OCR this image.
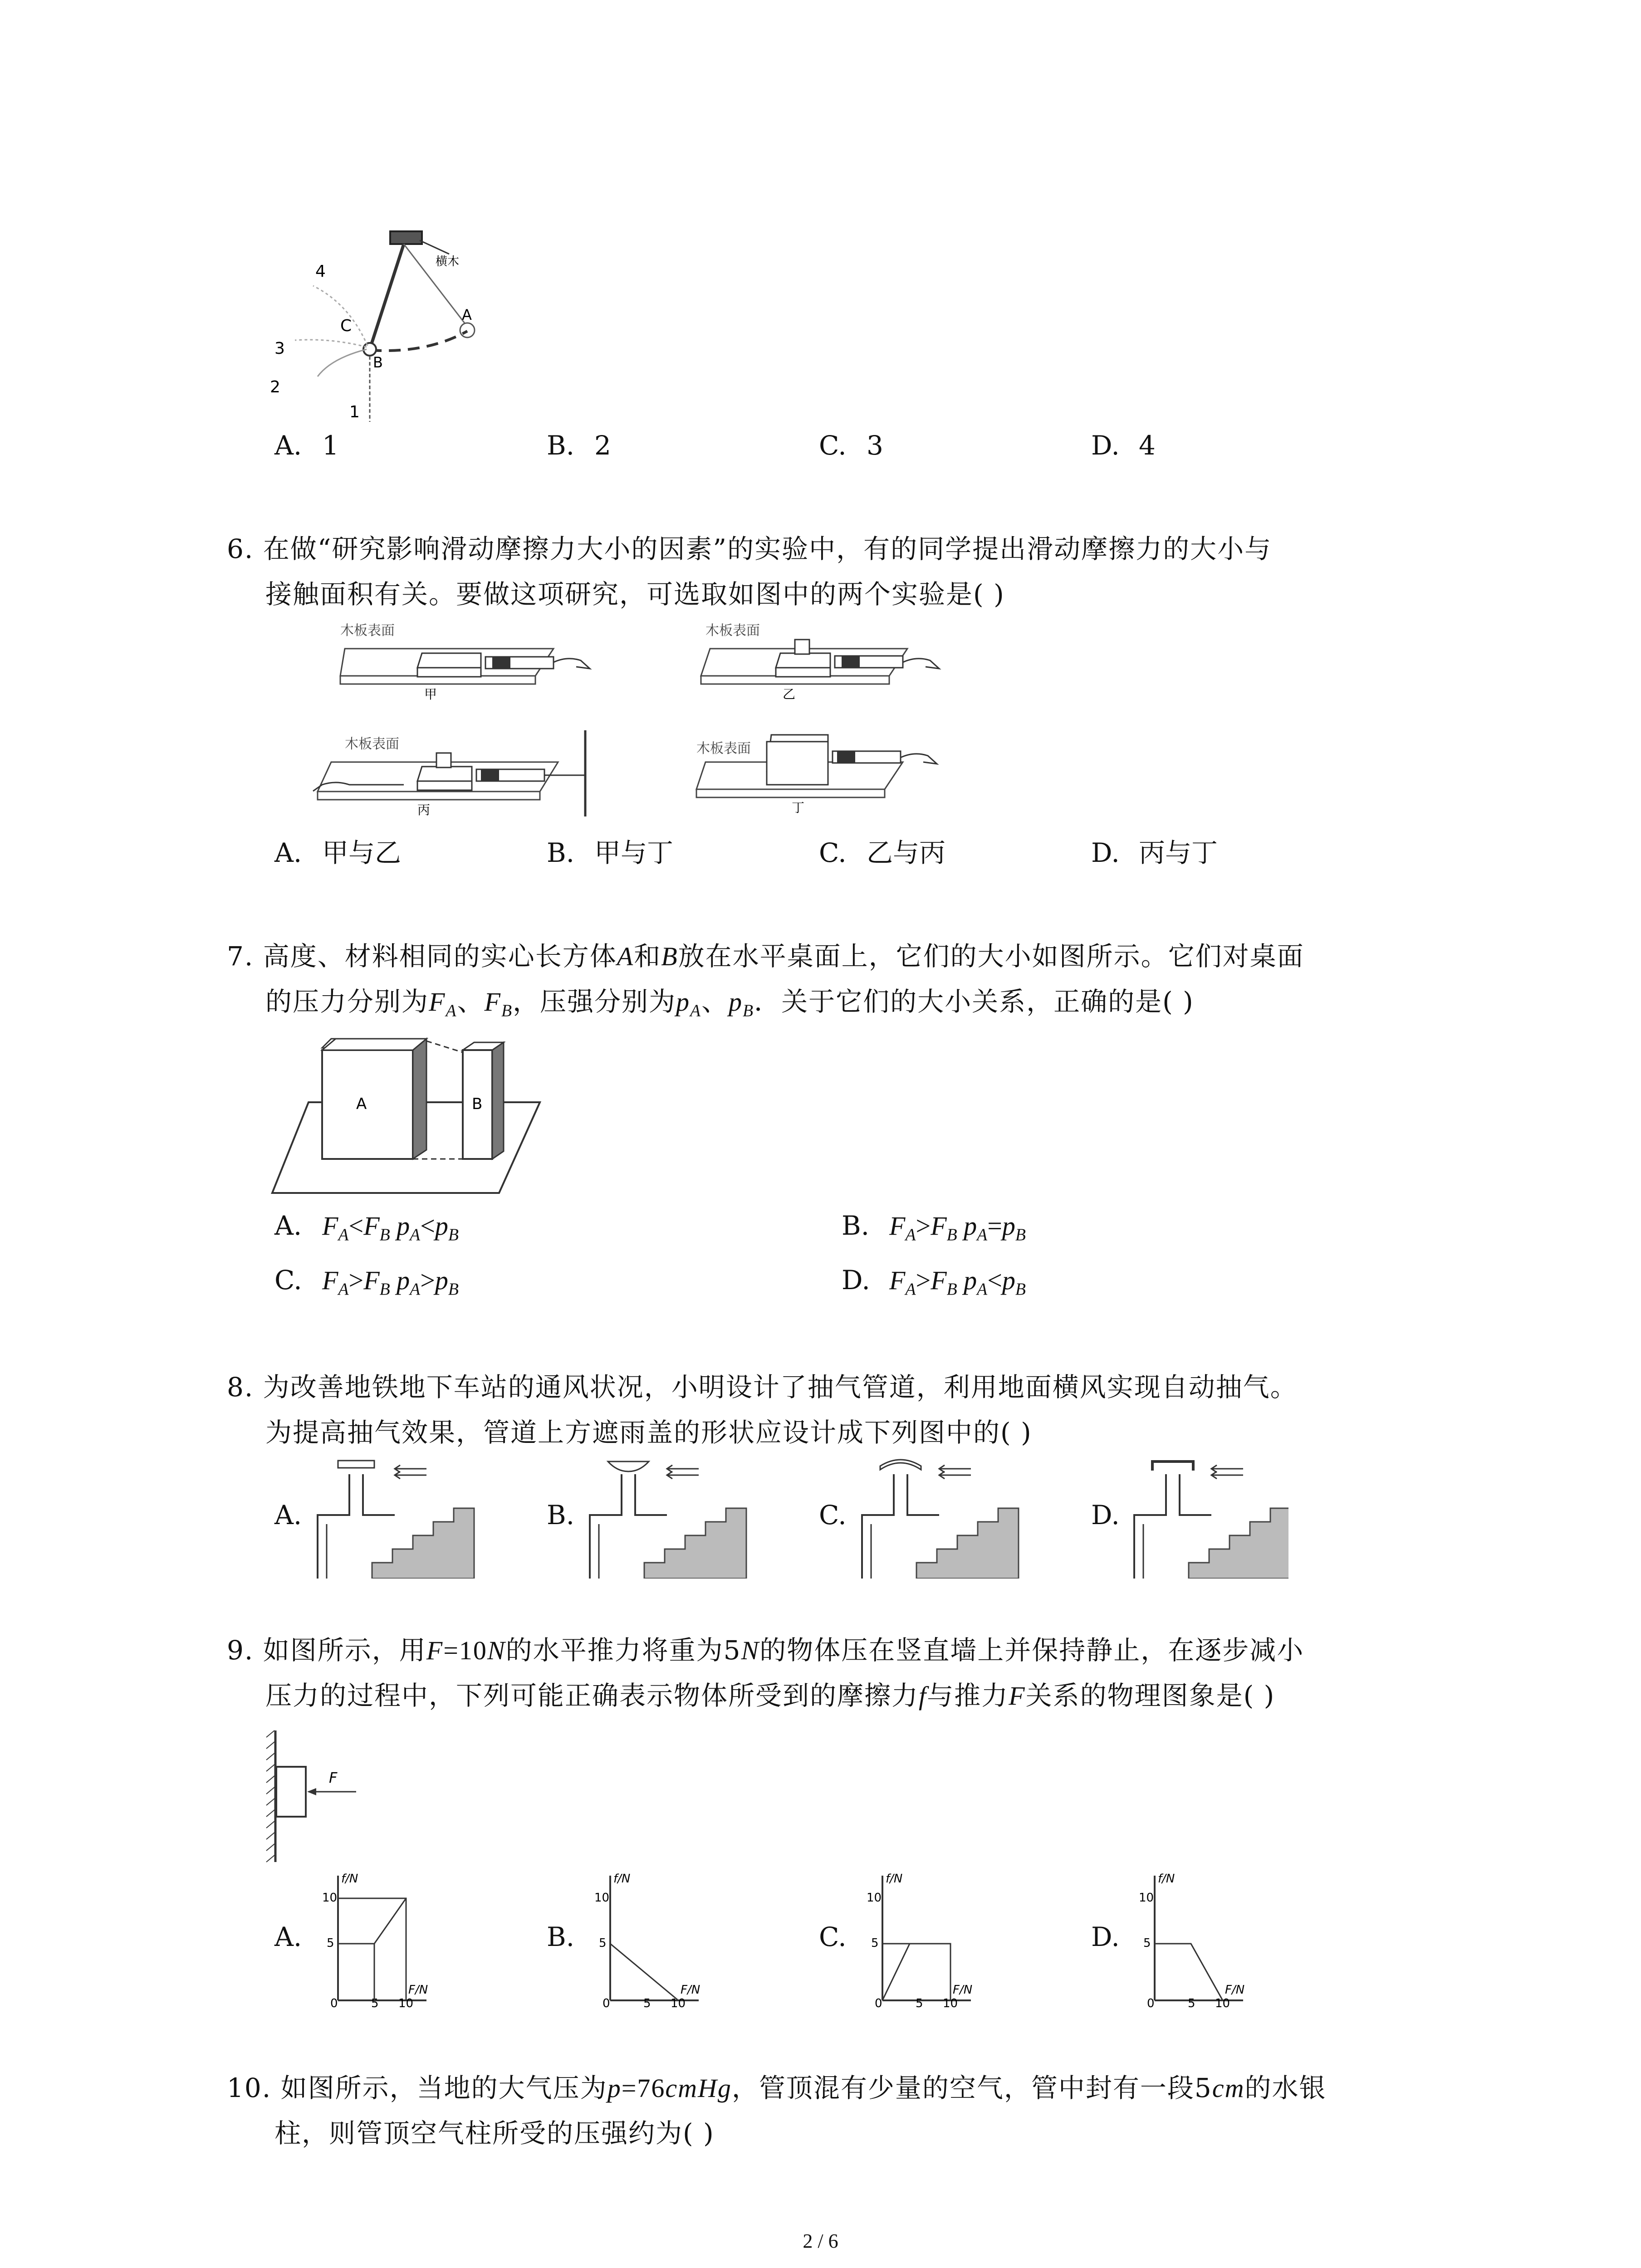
横木
1
2
3
4
C
B
A
A. 1	B. 2	C. 3	D. 4
6. 在做“研究影响滑动摩擦力大小的因素”的实验中，有的同学提出滑动摩擦力的大小与
接触面积有关。要做这项研究，可选取如图中的两个实验是( )
木板表面
甲
木板表面
乙
木板表面
丙
木板表面
丁
A. 甲与乙	B. 甲与丁	C. 乙与丙	D. 丙与丁
7. 高度、材料相同的实心长方体A和B放在水平桌面上，它们的大小如图所示。它们对桌面
的压力分别为$F_A$、$F_B$，压强分别为$p_A$、$p_B$．关于它们的大小关系，正确的是( )
A	B
A. $F_A<F_B$ $p_A<p_B$	B. $F_A>F_B$ $p_A=p_B$
C. $F_A>F_B$ $p_A>p_B$	D. $F_A>F_B$ $p_A<p_B$
8. 为改善地铁地下车站的通风状况，小明设计了抽气管道，利用地面横风实现自动抽气。
为提高抽气效果，管道上方遮雨盖的形状应设计成下列图中的( )
A.	B.	C.	D.
9. 如图所示，用F=10N的水平推力将重为5N的物体压在竖直墙上并保持静止，在逐步减小
压力的过程中，下列可能正确表示物体所受到的摩擦力f与推力F关系的物理图象是( )
F
A.	B.	C.	D.
f/N
F/N
10
5
0	5 10
f/N
F/N
10
5
0	5 10
f/N
F/N
10
5
0	5 10
f/N
F/N
10
5
0	5 10
10. 如图所示，当地的大气压为p=76cmHg，管顶混有少量的空气，管中封有一段5cm的水银
柱，则管顶空气柱所受的压强约为( )
2 / 6
